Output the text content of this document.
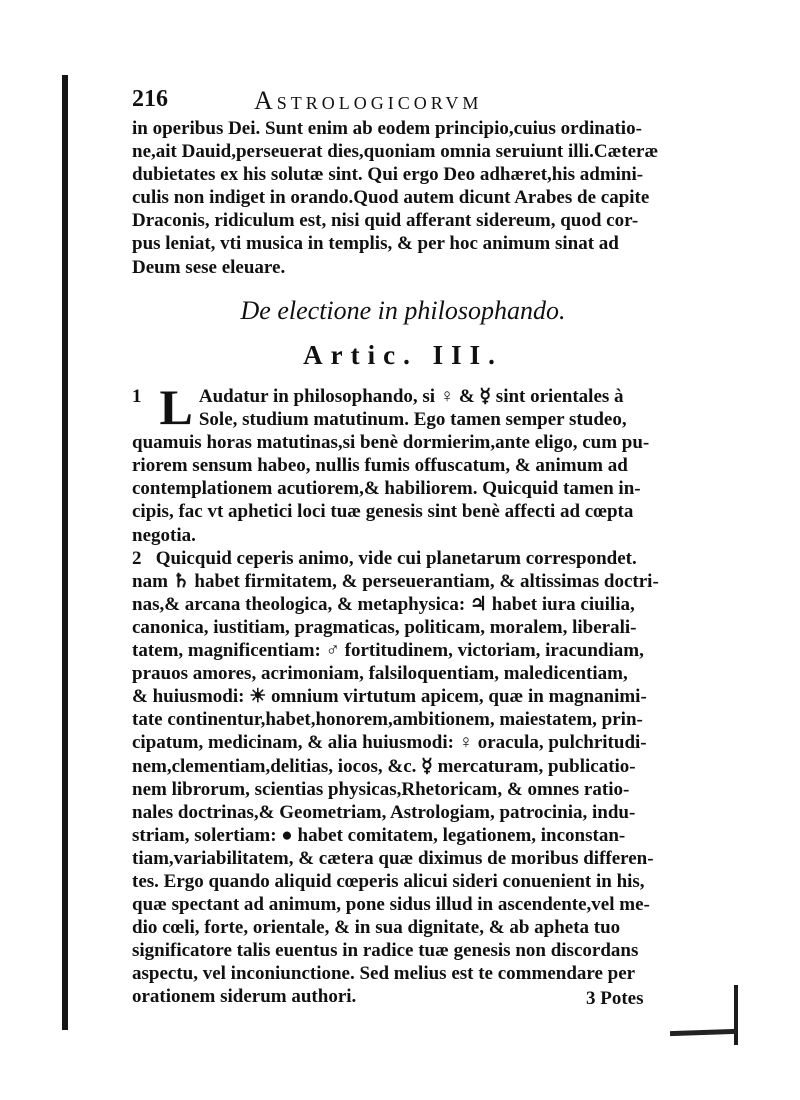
216	Astrologicorvm
in operibus Dei. Sunt enim ab eodem principio,cuius ordinatio-
ne,ait Dauid,perseuerat dies,quoniam omnia seruiunt illi.Cæteræ
dubietates ex his solutæ sint. Qui ergo Deo adhæret,his admini-
culis non indiget in orando.Quod autem dicunt Arabes de capite
Draconis, ridiculum est, nisi quid afferant sidereum, quod cor-
pus leniat, vti musica in templis, & per hoc animum sinat ad
Deum sese eleuare.
De electione in philosophando.
Artic. III.
1 L Audatur in philosophando, si ♀ & ☿ sint orientales à
Sole, studium matutinum. Ego tamen semper studeo,
quamuis horas matutinas,si benè dormierim,ante eligo, cum pu-
riorem sensum habeo, nullis fumis offuscatum, & animum ad
contemplationem acutiorem,& habiliorem. Quicquid tamen in-
cipis, fac vt aphetici loci tuæ genesis sint benè affecti ad cœpta
negotia.
2 Quicquid ceperis animo, vide cui planetarum correspondet.
nam ♄ habet firmitatem, & perseuerantiam, & altissimas doctri-
nas,& arcana theologica, & metaphysica: ♃ habet iura ciuilia,
canonica, iustitiam, pragmaticas, politicam, moralem, liberali-
tatem, magnificentiam: ♂ fortitudinem, victoriam, iracundiam,
prauos amores, acrimoniam, falsiloquentiam, maledicentiam,
& huiusmodi: ☀ omnium virtutum apicem, quæ in magnanimi-
tate continentur,habet,honorem,ambitionem, maiestatem, prin-
cipatum, medicinam, & alia huiusmodi: ♀ oracula, pulchritudi-
nem,clementiam,delitias, iocos, &c. ☿ mercaturam, publicatio-
nem librorum, scientias physicas,Rhetoricam, & omnes ratio-
nales doctrinas,& Geometriam, Astrologiam, patrocinia, indu-
striam, solertiam: ● habet comitatem, legationem, inconstan-
tiam,variabilitatem, & cætera quæ diximus de moribus differen-
tes. Ergo quando aliquid cœperis alicui sideri conuenient in his,
quæ spectant ad animum, pone sidus illud in ascendente,vel me-
dio cœli, forte, orientale, & in sua dignitate, & ab apheta tuo
significatore talis euentus in radice tuæ genesis non discordans
aspectu, vel inconiunctione. Sed melius est te commendare per
orationem siderum authori.	3 Potes
